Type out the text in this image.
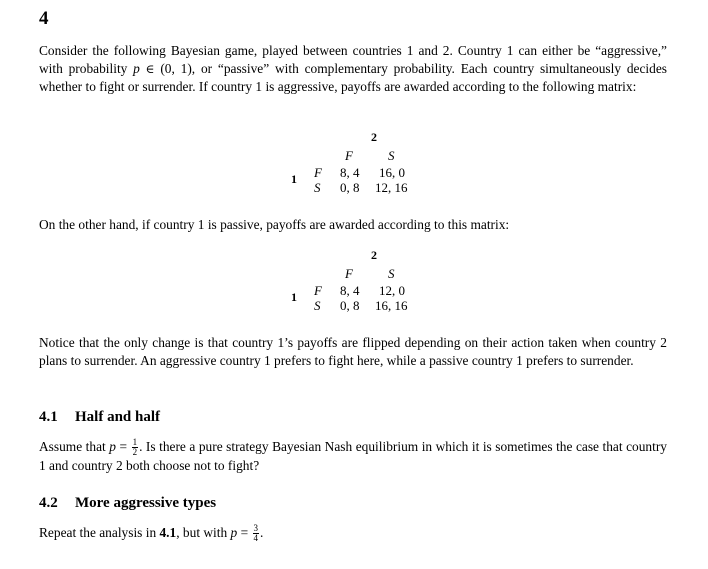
4
Consider the following Bayesian game, played between countries 1 and 2. Country 1 can either be “aggressive,” with probability p ∈ (0, 1), or “passive” with complementary probability. Each country simultaneously decides whether to fight or surrender. If country 1 is aggressive, payoffs are awarded according to the following matrix:
2
1
F	S
F
S
8, 4 16, 0
0, 8 12, 16
On the other hand, if country 1 is passive, payoffs are awarded according to this matrix:
2
1
F	S
F
S
8, 4 12, 0
0, 8 16, 16
Notice that the only change is that country 1’s payoffs are flipped depending on their action taken when country 2 plans to surrender. An aggressive country 1 prefers to fight here, while a passive country 1 prefers to surrender.
4.1 Half and half
Assume that $p = \frac{1}{2}$ . Is there a pure strategy Bayesian Nash equilibrium in which it is sometimes the case that country 1 and country 2 both choose not to fight?
4.2 More aggressive types
Repeat the analysis in 4.1, but with $p = \frac{3}{4}$ .
